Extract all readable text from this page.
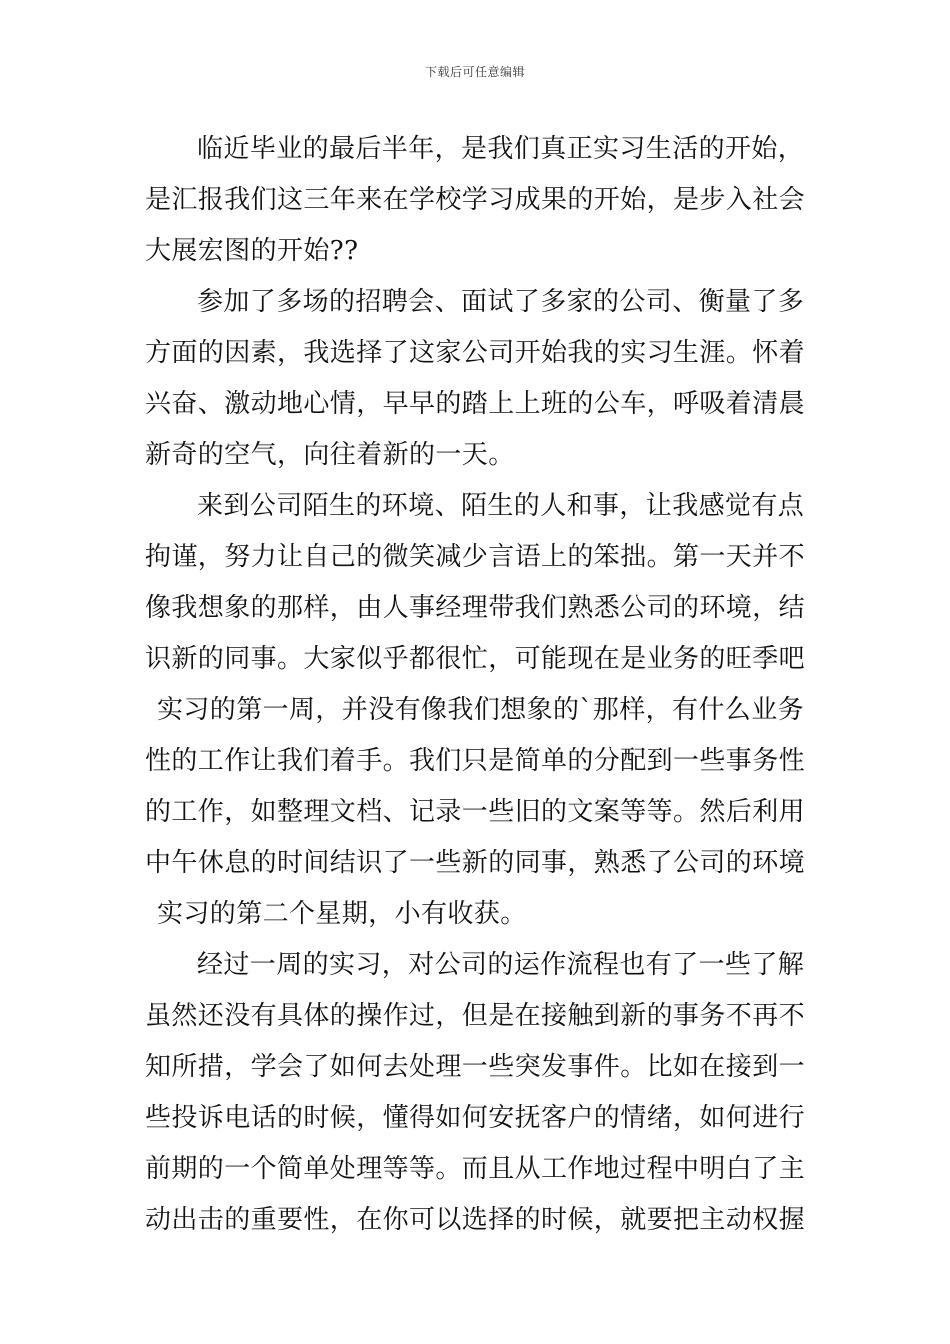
下载后可任意编辑
临近毕业的最后半年，是我们真正实习生活的开始，
是汇报我们这三年来在学校学习成果的开始，是步入社会
大展宏图的开始??
参加了多场的招聘会、面试了多家的公司、衡量了多
方面的因素，我选择了这家公司开始我的实习生涯。怀着
兴奋、激动地心情，早早的踏上上班的公车，呼吸着清晨
新奇的空气，向往着新的一天。
来到公司陌生的环境、陌生的人和事，让我感觉有点
拘谨，努力让自己的微笑减少言语上的笨拙。第一天并不
像我想象的那样，由人事经理带我们熟悉公司的环境，结
识新的同事。大家似乎都很忙，可能现在是业务的旺季吧
实习的第一周，并没有像我们想象的`那样，有什么业务
性的工作让我们着手。我们只是简单的分配到一些事务性
的工作，如整理文档、记录一些旧的文案等等。然后利用
中午休息的时间结识了一些新的同事，熟悉了公司的环境
实习的第二个星期，小有收获。
经过一周的实习，对公司的运作流程也有了一些了解
虽然还没有具体的操作过，但是在接触到新的事务不再不
知所措，学会了如何去处理一些突发事件。比如在接到一
些投诉电话的时候，懂得如何安抚客户的情绪，如何进行
前期的一个简单处理等等。而且从工作地过程中明白了主
动出击的重要性，在你可以选择的时候，就要把主动权握
